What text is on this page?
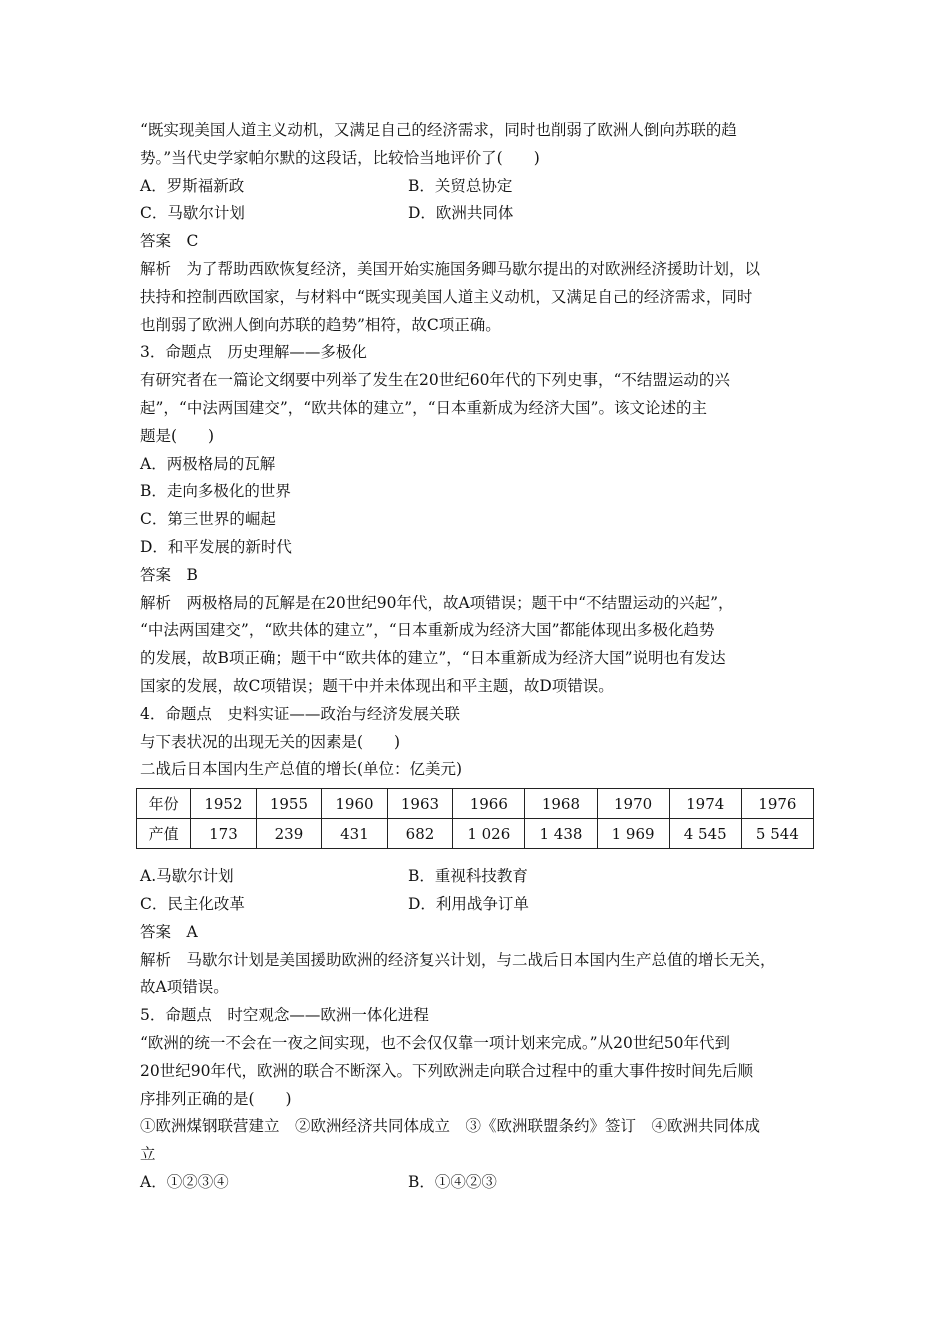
“既实现美国人道主义动机，又满足自己的经济需求，同时也削弱了欧洲人倒向苏联的趋

势。”当代史学家帕尔默的这段话，比较恰当地评价了(　　)

A．罗斯福新政	B．关贸总协定
C．马歇尔计划	D．欧洲共同体

答案　C

解析　为了帮助西欧恢复经济，美国开始实施国务卿马歇尔提出的对欧洲经济援助计划，以

扶持和控制西欧国家，与材料中“既实现美国人道主义动机，又满足自己的经济需求，同时

也削弱了欧洲人倒向苏联的趋势”相符，故C项正确。

3．命题点　历史理解——多极化

有研究者在一篇论文纲要中列举了发生在20世纪60年代的下列史事，“不结盟运动的兴

起”，“中法两国建交”，“欧共体的建立”，“日本重新成为经济大国”。该文论述的主

题是(　　)

A．两极格局的瓦解

B．走向多极化的世界

C．第三世界的崛起

D．和平发展的新时代

答案　B

解析　两极格局的瓦解是在20世纪90年代，故A项错误；题干中“不结盟运动的兴起”，

“中法两国建交”，“欧共体的建立”，“日本重新成为经济大国”都能体现出多极化趋势

的发展，故B项正确；题干中“欧共体的建立”，“日本重新成为经济大国”说明也有发达

国家的发展，故C项错误；题干中并未体现出和平主题，故D项错误。

4．命题点　史料实证——政治与经济发展关联

与下表状况的出现无关的因素是(　　)

二战后日本国内生产总值的增长(单位：亿美元)

年份	1952	1955	1960	1963	1966	1968	1970	1974	1976
产值	173	239	431	682	1 026	1 438	1 969	4 545	5 544
A.马歇尔计划	B．重视科技教育
C．民主化改革	D．利用战争订单

答案　A

解析　马歇尔计划是美国援助欧洲的经济复兴计划，与二战后日本国内生产总值的增长无关，

故A项错误。

5．命题点　时空观念——欧洲一体化进程

“欧洲的统一不会在一夜之间实现，也不会仅仅靠一项计划来完成。”从20世纪50年代到

20世纪90年代，欧洲的联合不断深入。下列欧洲走向联合过程中的重大事件按时间先后顺

序排列正确的是(　　)

①欧洲煤钢联营建立　②欧洲经济共同体成立　③《欧洲联盟条约》签订　④欧洲共同体成

立

A．①②③④	B．①④②③
